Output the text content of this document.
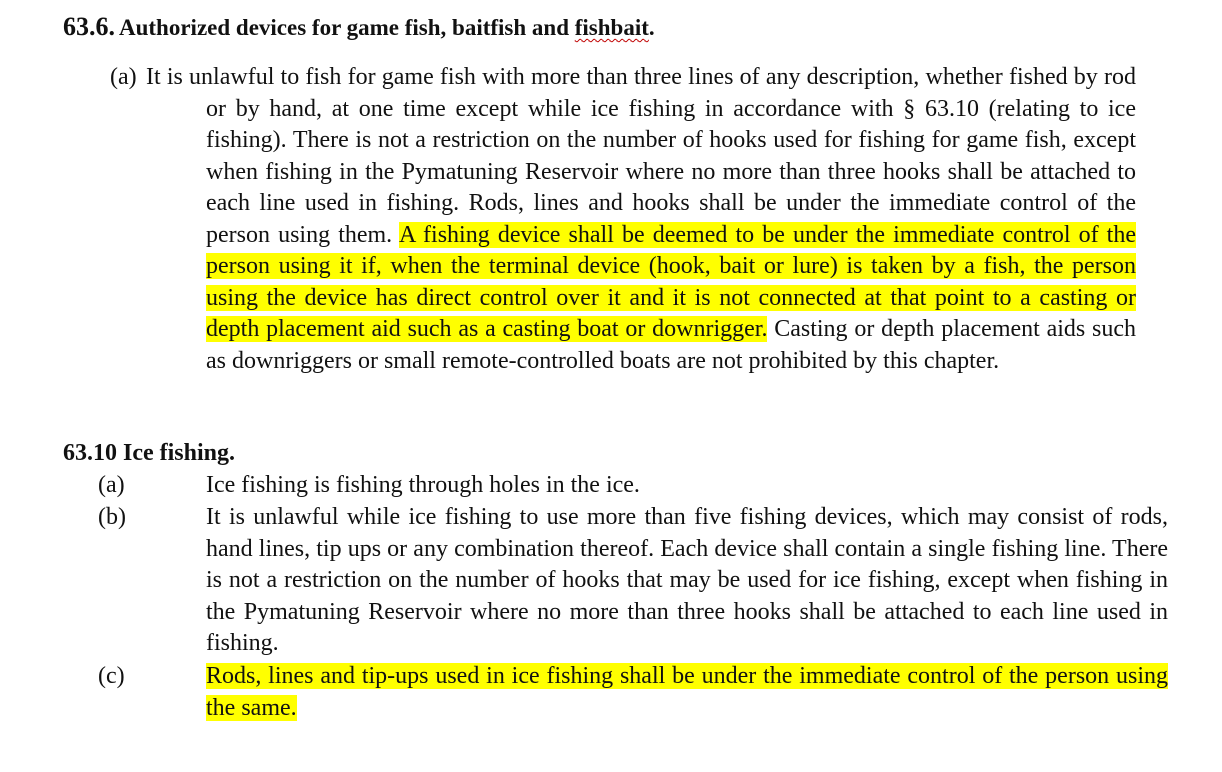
63.6. Authorized devices for game fish, baitfish and fishbait.
(a) It is unlawful to fish for game fish with more than three lines of any description, whether fished by rod or by hand, at one time except while ice fishing in accordance with § 63.10 (relating to ice fishing). There is not a restriction on the number of hooks used for fishing for game fish, except when fishing in the Pymatuning Reservoir where no more than three hooks shall be attached to each line used in fishing. Rods, lines and hooks shall be under the immediate control of the person using them. A fishing device shall be deemed to be under the immediate control of the person using it if, when the terminal device (hook, bait or lure) is taken by a fish, the person using the device has direct control over it and it is not connected at that point to a casting or depth placement aid such as a casting boat or downrigger. Casting or depth placement aids such as downriggers or small remote-controlled boats are not prohibited by this chapter.
63.10 Ice fishing.
(a)	Ice fishing is fishing through holes in the ice.
(b)	It is unlawful while ice fishing to use more than five fishing devices, which may consist of rods, hand lines, tip ups or any combination thereof. Each device shall contain a single fishing line. There is not a restriction on the number of hooks that may be used for ice fishing, except when fishing in the Pymatuning Reservoir where no more than three hooks shall be attached to each line used in fishing.
(c)	Rods, lines and tip-ups used in ice fishing shall be under the immediate control of the person using the same.
